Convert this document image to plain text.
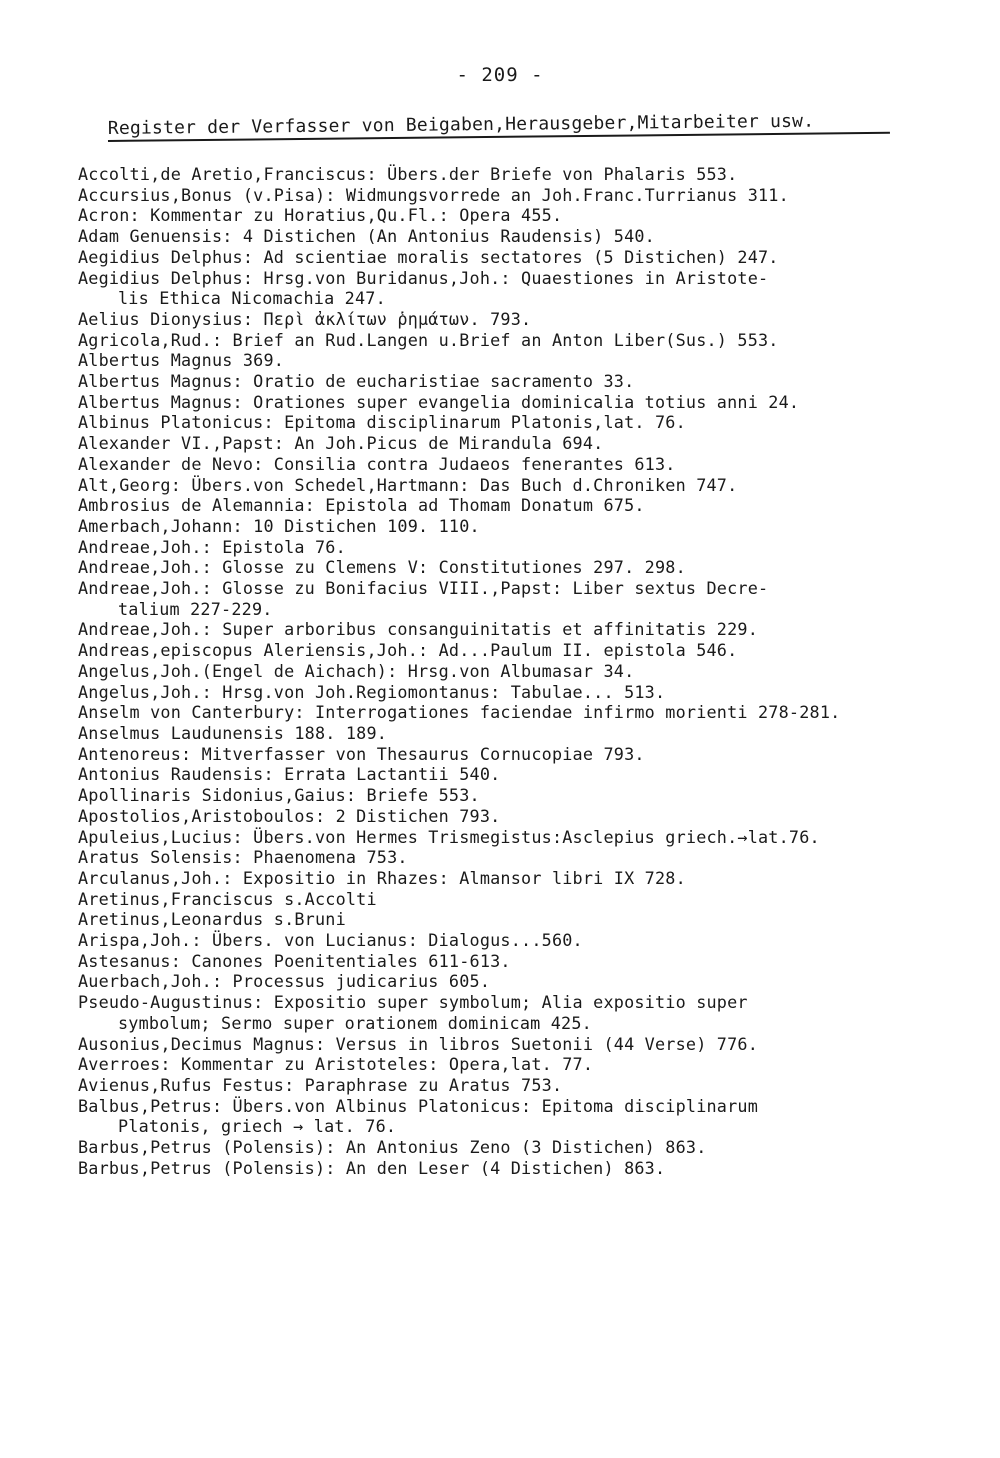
- 209 -
Register der Verfasser von Beigaben,Herausgeber,Mitarbeiter usw.
Accolti,de Aretio,Franciscus: Übers.der Briefe von Phalaris 553.
Accursius,Bonus (v.Pisa): Widmungsvorrede an Joh.Franc.Turrianus 311.
Acron: Kommentar zu Horatius,Qu.Fl.: Opera 455.
Adam Genuensis: 4 Distichen (An Antonius Raudensis) 540.
Aegidius Delphus: Ad scientiae moralis sectatores (5 Distichen) 247.
Aegidius Delphus: Hrsg.von Buridanus,Joh.: Quaestiones in Aristote-
lis Ethica Nicomachia 247.
Aelius Dionysius: Περὶ ἀκλίτων ῥημάτων. 793.
Agricola,Rud.: Brief an Rud.Langen u.Brief an Anton Liber(Sus.) 553.
Albertus Magnus 369.
Albertus Magnus: Oratio de eucharistiae sacramento 33.
Albertus Magnus: Orationes super evangelia dominicalia totius anni 24.
Albinus Platonicus: Epitoma disciplinarum Platonis,lat. 76.
Alexander VI.,Papst: An Joh.Picus de Mirandula 694.
Alexander de Nevo: Consilia contra Judaeos fenerantes 613.
Alt,Georg: Übers.von Schedel,Hartmann: Das Buch d.Chroniken 747.
Ambrosius de Alemannia: Epistola ad Thomam Donatum 675.
Amerbach,Johann: 10 Distichen 109. 110.
Andreae,Joh.: Epistola 76.
Andreae,Joh.: Glosse zu Clemens V: Constitutiones 297. 298.
Andreae,Joh.: Glosse zu Bonifacius VIII.,Papst: Liber sextus Decre-
talium 227-229.
Andreae,Joh.: Super arboribus consanguinitatis et affinitatis 229.
Andreas,episcopus Aleriensis,Joh.: Ad...Paulum II. epistola 546.
Angelus,Joh.(Engel de Aichach): Hrsg.von Albumasar 34.
Angelus,Joh.: Hrsg.von Joh.Regiomontanus: Tabulae... 513.
Anselm von Canterbury: Interrogationes faciendae infirmo morienti 278-281.
Anselmus Laudunensis 188. 189.
Antenoreus: Mitverfasser von Thesaurus Cornucopiae 793.
Antonius Raudensis: Errata Lactantii 540.
Apollinaris Sidonius,Gaius: Briefe 553.
Apostolios,Aristoboulos: 2 Distichen 793.
Apuleius,Lucius: Übers.von Hermes Trismegistus:Asclepius griech.→lat.76.
Aratus Solensis: Phaenomena 753.
Arculanus,Joh.: Expositio in Rhazes: Almansor libri IX 728.
Aretinus,Franciscus s.Accolti
Aretinus,Leonardus s.Bruni
Arispa,Joh.: Übers. von Lucianus: Dialogus...560.
Astesanus: Canones Poenitentiales 611-613.
Auerbach,Joh.: Processus judicarius 605.
Pseudo-Augustinus: Expositio super symbolum; Alia expositio super
symbolum; Sermo super orationem dominicam 425.
Ausonius,Decimus Magnus: Versus in libros Suetonii (44 Verse) 776.
Averroes: Kommentar zu Aristoteles: Opera,lat. 77.
Avienus,Rufus Festus: Paraphrase zu Aratus 753.
Balbus,Petrus: Übers.von Albinus Platonicus: Epitoma disciplinarum
Platonis, griech → lat. 76.
Barbus,Petrus (Polensis): An Antonius Zeno (3 Distichen) 863.
Barbus,Petrus (Polensis): An den Leser (4 Distichen) 863.
